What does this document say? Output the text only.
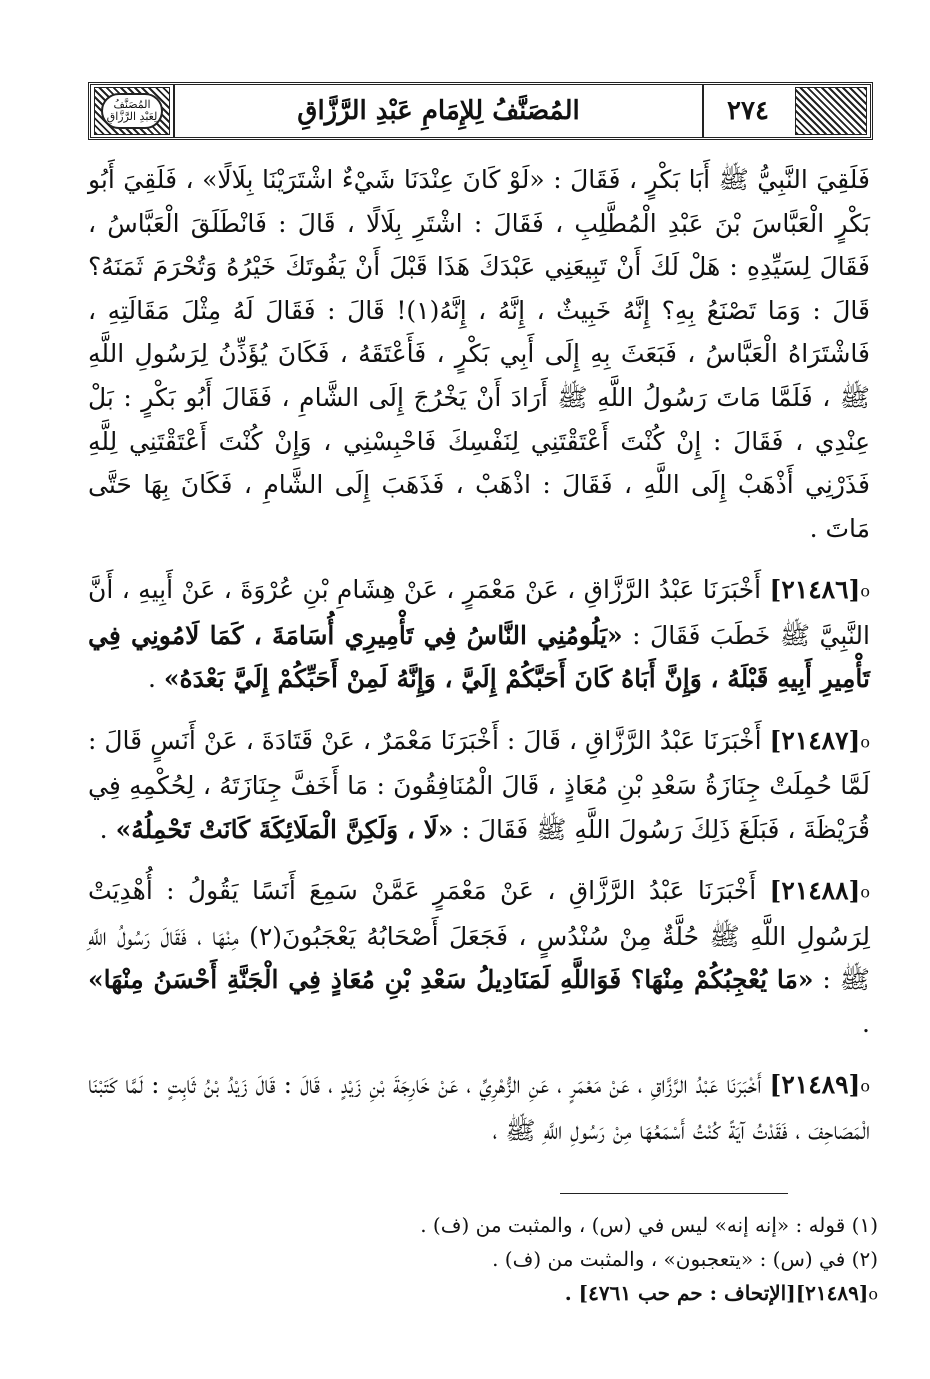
المُصَنَّفُ لِعَبْدِ الرَّزَّاقِ	المُصَنَّفُ لِلإِمَامِ عَبْدِ الرَّزَّاقِ	٢٧٤

فَلَقِيَ النَّبِيُّ ﷺ أَبَا بَكْرٍ ، فَقَالَ : «لَوْ كَانَ عِنْدَنَا شَيْءٌ اشْتَرَيْنَا بِلَالًا» ، فَلَقِيَ أَبُو بَكْرٍ الْعَبَّاسَ بْنَ عَبْدِ الْمُطَّلِبِ ، فَقَالَ : اشْتَرِ بِلَالًا ، قَالَ : فَانْطَلَقَ الْعَبَّاسُ ، فَقَالَ لِسَيِّدِهِ : هَلْ لَكَ أَنْ تَبِيعَنِي عَبْدَكَ هَذَا قَبْلَ أَنْ يَفُوتَكَ خَيْرُهُ وَتُحْرَمَ ثَمَنَهُ؟ قَالَ : وَمَا تَصْنَعُ بِهِ؟ إِنَّهُ خَبِيثٌ ، إِنَّهُ ، إِنَّهُ(١)! قَالَ : فَقَالَ لَهُ مِثْلَ مَقَالَتِهِ ، فَاشْتَرَاهُ الْعَبَّاسُ ، فَبَعَثَ بِهِ إِلَى أَبِي بَكْرٍ ، فَأَعْتَقَهُ ، فَكَانَ يُؤَذِّنُ لِرَسُولِ اللَّهِ ﷺ ، فَلَمَّا مَاتَ رَسُولُ اللَّهِ ﷺ أَرَادَ أَنْ يَخْرُجَ إِلَى الشَّامِ ، فَقَالَ أَبُو بَكْرٍ : بَلْ عِنْدِي ، فَقَالَ : إِنْ كُنْتَ أَعْتَقْتَنِي لِنَفْسِكَ فَاحْبِسْنِي ، وَإِنْ كُنْتَ أَعْتَقْتَنِي لِلَّهِ فَذَرْنِي أَذْهَبْ إِلَى اللَّهِ ، فَقَالَ : اذْهَبْ ، فَذَهَبَ إِلَى الشَّامِ ، فَكَانَ بِهَا حَتَّى مَاتَ .

o[٢١٤٨٦] أَخْبَرَنَا عَبْدُ الرَّزَّاقِ ، عَنْ مَعْمَرٍ ، عَنْ هِشَامِ بْنِ عُرْوَةَ ، عَنْ أَبِيهِ ، أَنَّ النَّبِيَّ ﷺ خَطَبَ فَقَالَ : «يَلُومُنِي النَّاسُ فِي تَأْمِيرِي أُسَامَةَ ، كَمَا لَامُونِي فِي تَأْمِيرِ أَبِيهِ قَبْلَهُ ، وَإِنَّ أَبَاهُ كَانَ أَحَبَّكُمْ إِلَيَّ ، وَإِنَّهُ لَمِنْ أَحَبِّكُمْ إِلَيَّ بَعْدَهُ» .

o[٢١٤٨٧] أَخْبَرَنَا عَبْدُ الرَّزَّاقِ ، قَالَ : أَخْبَرَنَا مَعْمَرٌ ، عَنْ قَتَادَةَ ، عَنْ أَنَسٍ قَالَ : لَمَّا حُمِلَتْ جِنَازَةُ سَعْدِ بْنِ مُعَاذٍ ، قَالَ الْمُنَافِقُونَ : مَا أَخَفَّ جِنَازَتَهُ ، لِحُكْمِهِ فِي قُرَيْظَةَ ، فَبَلَغَ ذَلِكَ رَسُولَ اللَّهِ ﷺ فَقَالَ : «لَا ، وَلَكِنَّ الْمَلَائِكَةَ كَانَتْ تَحْمِلُهُ» .

o[٢١٤٨٨] أَخْبَرَنَا عَبْدُ الرَّزَّاقِ ، عَنْ مَعْمَرٍ عَمَّنْ سَمِعَ أَنَسًا يَقُولُ : أُهْدِيَتْ لِرَسُولِ اللَّهِ ﷺ حُلَّةٌ مِنْ سُنْدُسٍ ، فَجَعَلَ أَصْحَابُهُ يَعْجَبُونَ(٢) مِنْهَا ، فَقَالَ رَسُولُ اللَّهِ ﷺ : «مَا يُعْجِبُكُمْ مِنْهَا؟ فَوَاللَّهِ لَمَنَادِيلُ سَعْدِ بْنِ مُعَاذٍ فِي الْجَنَّةِ أَحْسَنُ مِنْهَا» .

o[٢١٤٨٩] أَخْبَرَنَا عَبْدُ الرَّزَّاقِ ، عَنْ مَعْمَرٍ ، عَنِ الزُّهْرِيِّ ، عَنْ خَارِجَةَ بْنِ زَيْدٍ ، قَالَ : قَالَ زَيْدُ بْنُ ثَابِتٍ : لَمَّا كَتَبْنَا الْمَصَاحِفَ ، فَقَدْتُ آيَةً كُنْتُ أَسْمَعُهَا مِنْ رَسُولِ اللَّهِ ﷺ ،

(١) قوله : «إنه إنه» ليس في (س) ، والمثبت من (ف) .

(٢) في (س) : «يتعجبون» ، والمثبت من (ف) .

o[٢١٤٨٩][الإتحاف : حم حب ٤٧٦١] .
